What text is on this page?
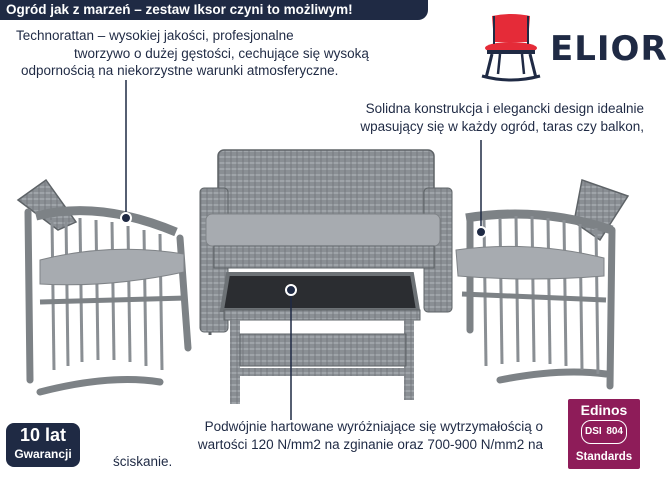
Ogród jak z marzeń – zestaw Iksor czyni to możliwym!
Technorattan – wysokiej jakości, profesjonalne
tworzywo o dużej gęstości, cechujące się wysoką
odpornością na niekorzystne warunki atmosferyczne.
Solidna konstrukcja i elegancki design idealnie
wpasujący się w każdy ogród, taras czy balkon,
ELIOR
Podwójnie hartowane wyróżniające się wytrzymałością o
wartości 120 N/mm2 na zginanie oraz 700-900 N/mm2 na
ściskanie.
10 lat
Gwarancji
Edinos
DSI 804
Standards
